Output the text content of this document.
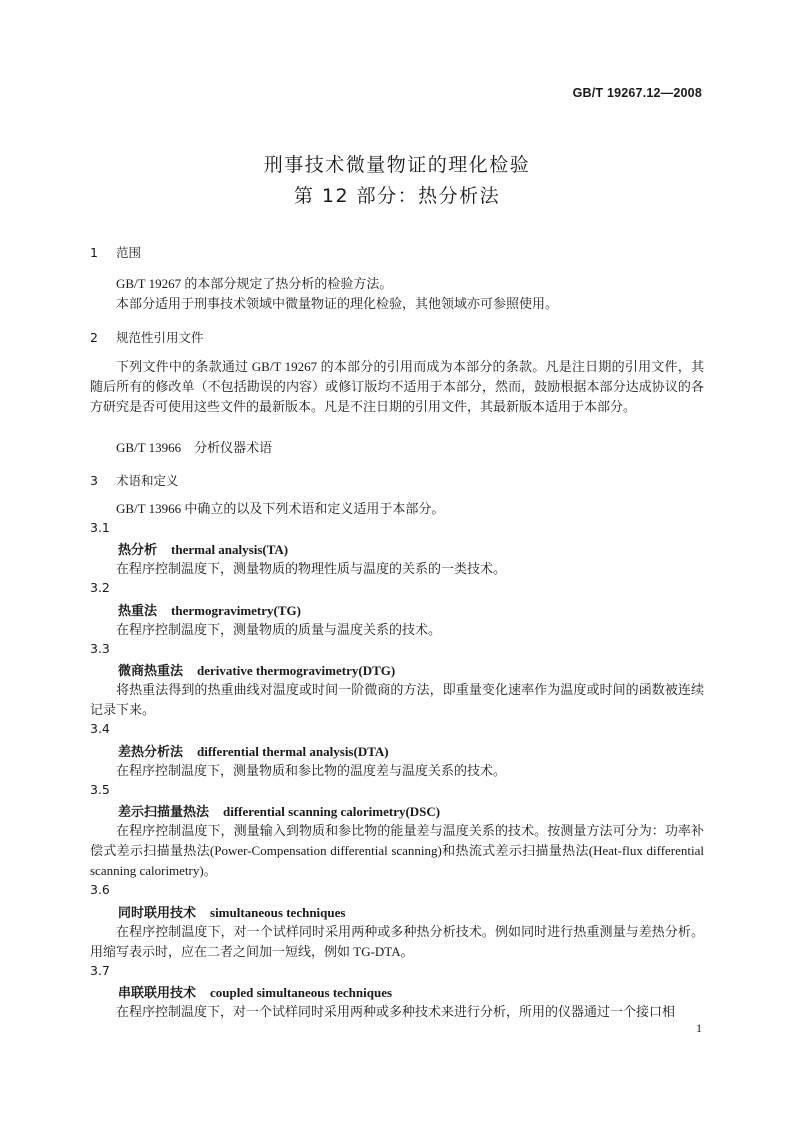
GB/T 19267.12—2008
刑事技术微量物证的理化检验
第 12 部分：热分析法
1 范围
GB/T 19267 的本部分规定了热分析的检验方法。
本部分适用于刑事技术领域中微量物证的理化检验，其他领域亦可参照使用。
2 规范性引用文件
下列文件中的条款通过 GB/T 19267 的本部分的引用而成为本部分的条款。凡是注日期的引用文件，其随后所有的修改单（不包括勘误的内容）或修订版均不适用于本部分，然而，鼓励根据本部分达成协议的各方研究是否可使用这些文件的最新版本。凡是不注日期的引用文件，其最新版本适用于本部分。
GB/T 13966　分析仪器术语
3 术语和定义
GB/T 13966 中确立的以及下列术语和定义适用于本部分。
3.1
热分析 thermal analysis(TA)
在程序控制温度下，测量物质的物理性质与温度的关系的一类技术。
3.2
热重法 thermogravimetry(TG)
在程序控制温度下，测量物质的质量与温度关系的技术。
3.3
微商热重法 derivative thermogravimetry(DTG)
将热重法得到的热重曲线对温度或时间一阶微商的方法，即重量变化速率作为温度或时间的函数被连续记录下来。
3.4
差热分析法 differential thermal analysis(DTA)
在程序控制温度下，测量物质和参比物的温度差与温度关系的技术。
3.5
差示扫描量热法 differential scanning calorimetry(DSC)
在程序控制温度下，测量输入到物质和参比物的能量差与温度关系的技术。按测量方法可分为：功率补偿式差示扫描量热法(Power-Compensation differential scanning)和热流式差示扫描量热法(Heat-flux differential scanning calorimetry)。
3.6
同时联用技术 simultaneous techniques
在程序控制温度下，对一个试样同时采用两种或多种热分析技术。例如同时进行热重测量与差热分析。用缩写表示时，应在二者之间加一短线，例如 TG-DTA。
3.7
串联联用技术 coupled simultaneous techniques
在程序控制温度下，对一个试样同时采用两种或多种技术来进行分析，所用的仪器通过一个接口相
1
